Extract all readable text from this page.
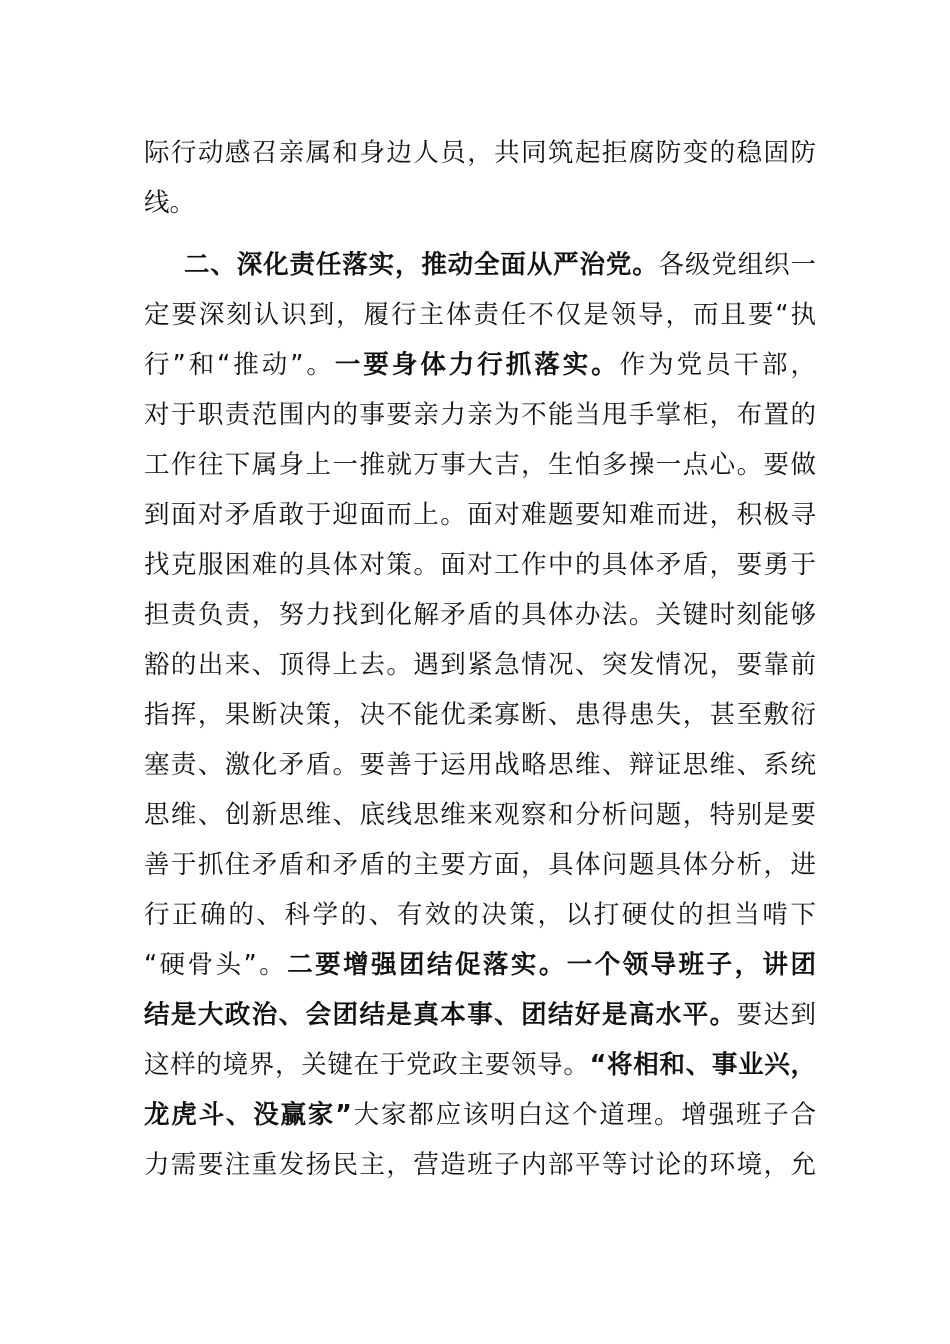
际行动感召亲属和身边人员，共同筑起拒腐防变的稳固防
线。
二、深化责任落实，推动全面从严治党。各级党组织一
定要深刻认识到，履行主体责任不仅是领导，而且要“执
行”和“推动”。一要身体力行抓落实。作为党员干部，
对于职责范围内的事要亲力亲为不能当甩手掌柜，布置的
工作往下属身上一推就万事大吉，生怕多操一点心。要做
到面对矛盾敢于迎面而上。面对难题要知难而进，积极寻
找克服困难的具体对策。面对工作中的具体矛盾，要勇于
担责负责，努力找到化解矛盾的具体办法。关键时刻能够
豁的出来、顶得上去。遇到紧急情况、突发情况，要靠前
指挥，果断决策，决不能优柔寡断、患得患失，甚至敷衍
塞责、激化矛盾。要善于运用战略思维、辩证思维、系统
思维、创新思维、底线思维来观察和分析问题，特别是要
善于抓住矛盾和矛盾的主要方面，具体问题具体分析，进
行正确的、科学的、有效的决策，以打硬仗的担当啃下
“硬骨头”。二要增强团结促落实。一个领导班子，讲团
结是大政治、会团结是真本事、团结好是高水平。要达到
这样的境界，关键在于党政主要领导。“将相和、事业兴，
龙虎斗、没赢家”大家都应该明白这个道理。增强班子合
力需要注重发扬民主，营造班子内部平等讨论的环境，允
